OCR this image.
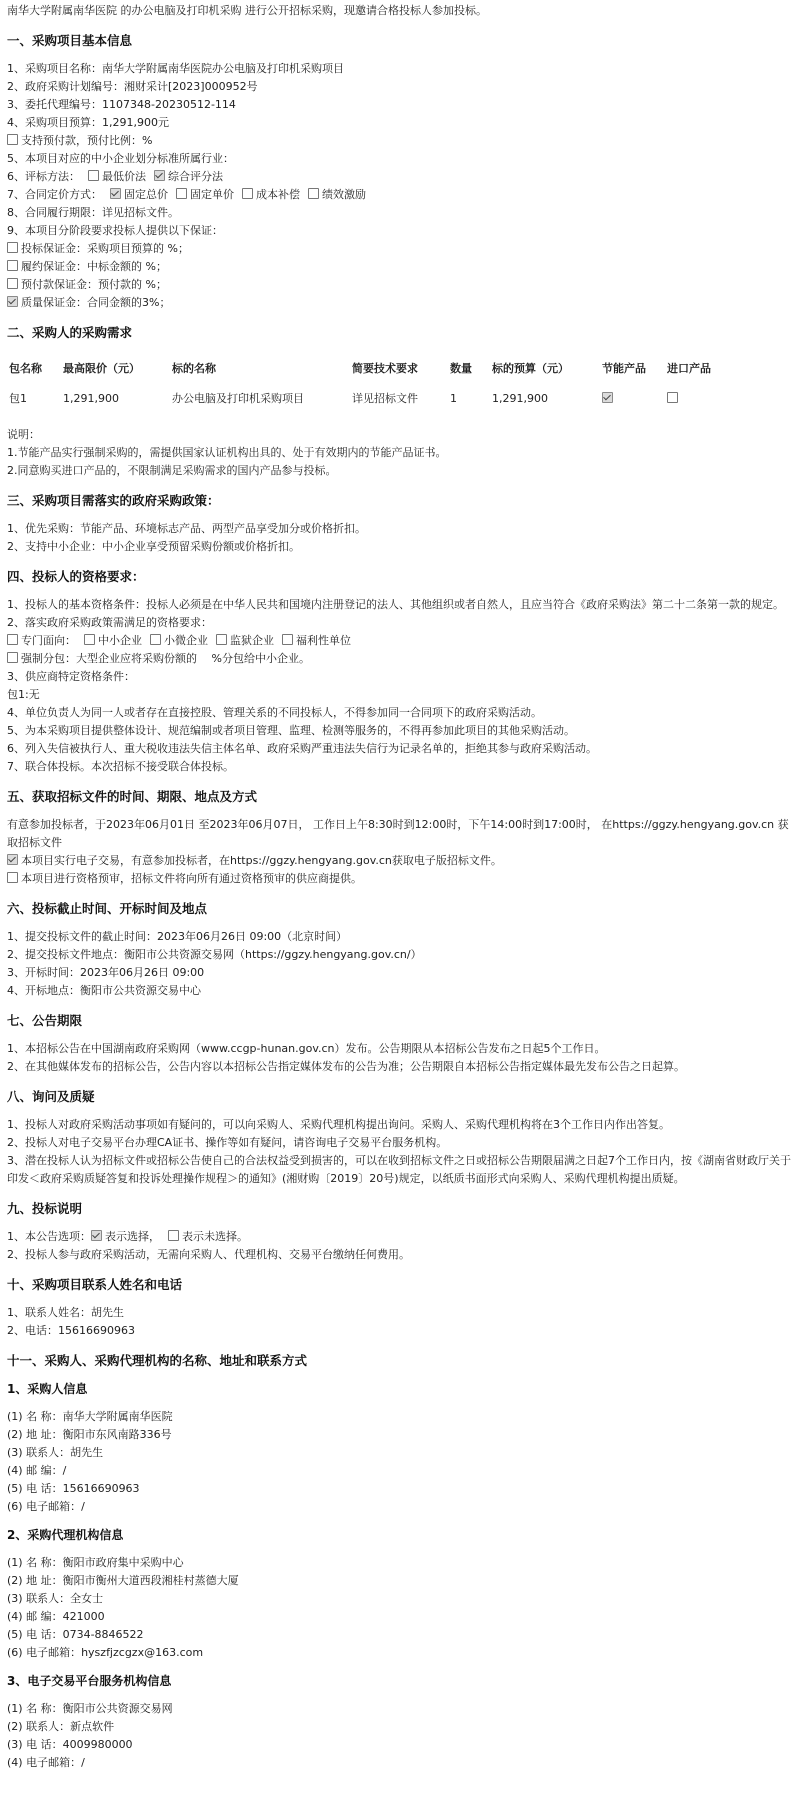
南华大学附属南华医院 的办公电脑及打印机采购 进行公开招标采购，现邀请合格投标人参加投标。

一、采购项目基本信息

1、采购项目名称：南华大学附属南华医院办公电脑及打印机采购项目

2、政府采购计划编号：湘财采计[2023]000952号

3、委托代理编号：1107348-20230512-114

4、采购项目预算：1,291,900元

支持预付款，预付比例：%

5、本项目对应的中小企业划分标准所属行业：

6、评标方法： 最低价法 综合评分法

7、合同定价方式： 固定总价 固定单价 成本补偿 绩效激励

8、合同履行期限：详见招标文件。

9、本项目分阶段要求投标人提供以下保证：

投标保证金：采购项目预算的 %；

履约保证金：中标金额的 %；

预付款保证金：预付款的 %；

质量保证金：合同金额的3%；

二、采购人的采购需求
包名称	最高限价（元）	标的名称	简要技术要求	数量	标的预算（元）	节能产品	进口产品
包1	1,291,900	办公电脑及打印机采购项目	详见招标文件	1	1,291,900		

说明：

1.节能产品实行强制采购的，需提供国家认证机构出具的、处于有效期内的节能产品证书。

2.同意购买进口产品的，不限制满足采购需求的国内产品参与投标。

三、采购项目需落实的政府采购政策：

1、优先采购：节能产品、环境标志产品、两型产品享受加分或价格折扣。

2、支持中小企业：中小企业享受预留采购份额或价格折扣。

四、投标人的资格要求：

1、投标人的基本资格条件：投标人必须是在中华人民共和国境内注册登记的法人、其他组织或者自然人，且应当符合《政府采购法》第二十二条第一款的规定。

2、落实政府采购政策需满足的资格要求：

专门面向： 中小企业 小微企业 监狱企业 福利性单位

强制分包：大型企业应将采购份额的　 %分包给中小企业。

3、供应商特定资格条件：

包1:无

4、单位负责人为同一人或者存在直接控股、管理关系的不同投标人，不得参加同一合同项下的政府采购活动。

5、为本采购项目提供整体设计、规范编制或者项目管理、监理、检测等服务的，不得再参加此项目的其他采购活动。

6、列入失信被执行人、重大税收违法失信主体名单、政府采购严重违法失信行为记录名单的，拒绝其参与政府采购活动。

7、联合体投标。本次招标不接受联合体投标。

五、获取招标文件的时间、期限、地点及方式

有意参加投标者，于2023年06月01日 至2023年06月07日， 工作日上午8:30时到12:00时，下午14:00时到17:00时， 在https://ggzy.hengyang.gov.cn 获取招标文件

本项目实行电子交易，有意参加投标者，在https://ggzy.hengyang.gov.cn获取电子版招标文件。

本项目进行资格预审，招标文件将向所有通过资格预审的供应商提供。

六、投标截止时间、开标时间及地点

1、提交投标文件的截止时间：2023年06月26日 09:00（北京时间）

2、提交投标文件地点：衡阳市公共资源交易网（https://ggzy.hengyang.gov.cn/）

3、开标时间：2023年06月26日 09:00

4、开标地点：衡阳市公共资源交易中心

七、公告期限

1、本招标公告在中国湖南政府采购网（www.ccgp-hunan.gov.cn）发布。公告期限从本招标公告发布之日起5个工作日。

2、在其他媒体发布的招标公告，公告内容以本招标公告指定媒体发布的公告为准；公告期限自本招标公告指定媒体最先发布公告之日起算。

八、询问及质疑

1、投标人对政府采购活动事项如有疑问的，可以向采购人、采购代理机构提出询问。采购人、采购代理机构将在3个工作日内作出答复。

2、投标人对电子交易平台办理CA证书、操作等如有疑问，请咨询电子交易平台服务机构。

3、潜在投标人认为招标文件或招标公告使自己的合法权益受到损害的，可以在收到招标文件之日或招标公告期限届满之日起7个工作日内，按《湖南省财政厅关于印发＜政府采购质疑答复和投诉处理操作规程＞的通知》(湘财购〔2019〕20号)规定，以纸质书面形式向采购人、采购代理机构提出质疑。

九、投标说明

1、本公告选项： 表示选择， 表示未选择。

2、投标人参与政府采购活动，无需向采购人、代理机构、交易平台缴纳任何费用。

十、采购项目联系人姓名和电话

1、联系人姓名：胡先生

2、电话：15616690963

十一、采购人、采购代理机构的名称、地址和联系方式
1、采购人信息

(1) 名 称：南华大学附属南华医院

(2) 地 址：衡阳市东风南路336号

(3) 联系人：胡先生

(4) 邮 编：/

(5) 电 话：15616690963

(6) 电子邮箱：/

2、采购代理机构信息

(1) 名 称：衡阳市政府集中采购中心

(2) 地 址：衡阳市衡州大道西段湘桂村蒸德大厦

(3) 联系人：全女士

(4) 邮 编：421000

(5) 电 话：0734-8846522

(6) 电子邮箱：hyszfjzcgzx@163.com

3、电子交易平台服务机构信息

(1) 名 称：衡阳市公共资源交易网

(2) 联系人：新点软件

(3) 电 话：4009980000

(4) 电子邮箱：/
